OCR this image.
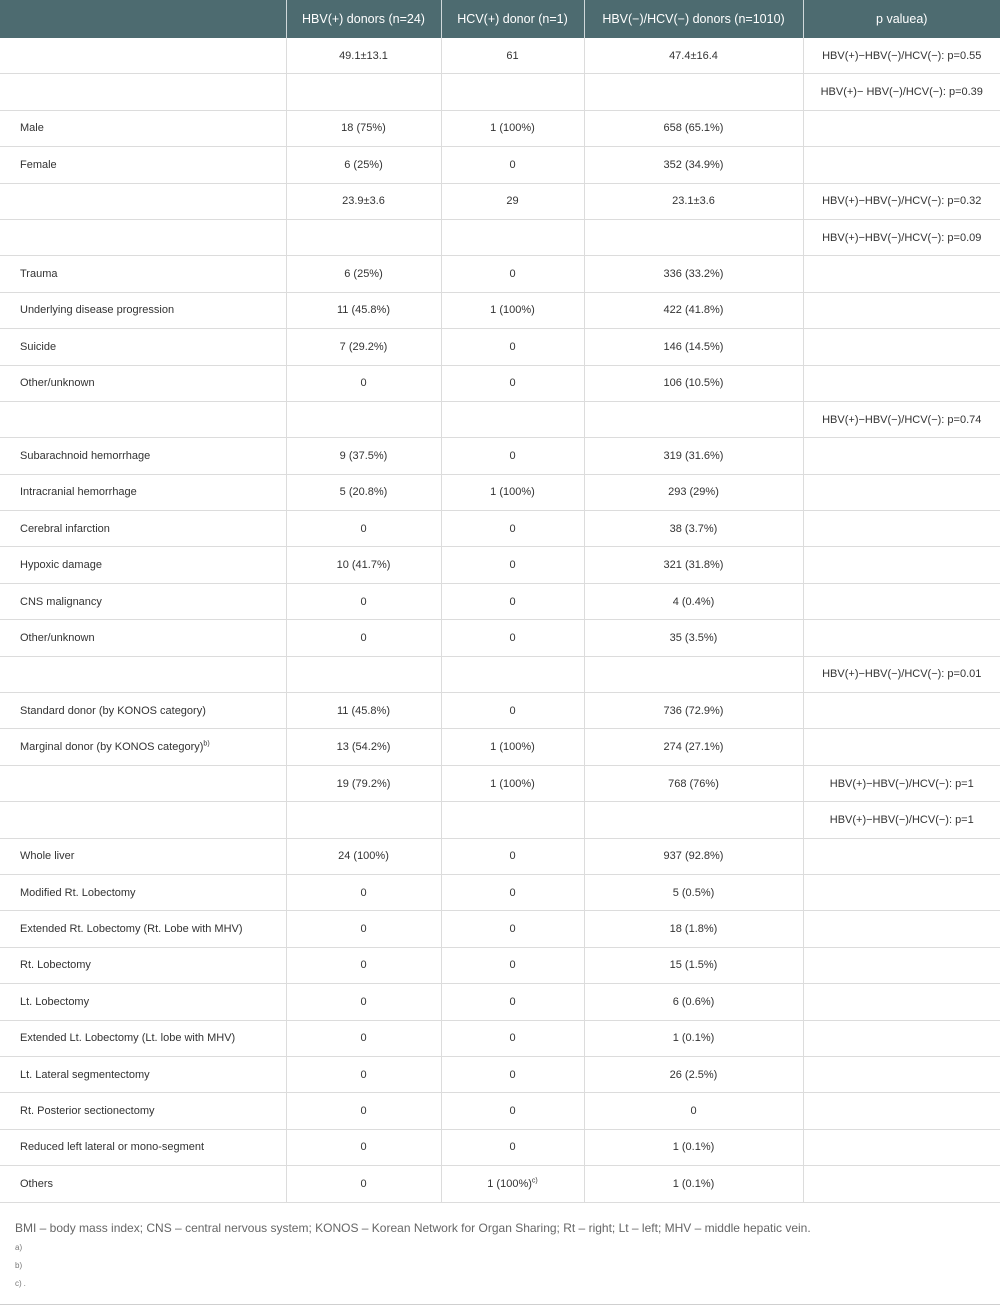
	HBV(+) donors (n=24)	HCV(+) donor (n=1)	HBV(−)/HCV(−) donors (n=1010)	p valuea)
	49.1±13.1	61	47.4±16.4	HBV(+)−HBV(−)/HCV(−): p=0.55
				HBV(+)− HBV(−)/HCV(−): p=0.39
Male	18 (75%)	1 (100%)	658 (65.1%)	
Female	6 (25%)	0	352 (34.9%)	
	23.9±3.6	29	23.1±3.6	HBV(+)−HBV(−)/HCV(−): p=0.32
				HBV(+)−HBV(−)/HCV(−): p=0.09
Trauma	6 (25%)	0	336 (33.2%)	
Underlying disease progression	11 (45.8%)	1 (100%)	422 (41.8%)	
Suicide	7 (29.2%)	0	146 (14.5%)	
Other/unknown	0	0	106 (10.5%)	
				HBV(+)−HBV(−)/HCV(−): p=0.74
Subarachnoid hemorrhage	9 (37.5%)	0	319 (31.6%)	
Intracranial hemorrhage	5 (20.8%)	1 (100%)	293 (29%)	
Cerebral infarction	0	0	38 (3.7%)	
Hypoxic damage	10 (41.7%)	0	321 (31.8%)	
CNS malignancy	0	0	4 (0.4%)	
Other/unknown	0	0	35 (3.5%)	
				HBV(+)−HBV(−)/HCV(−): p=0.01
Standard donor (by KONOS category)	11 (45.8%)	0	736 (72.9%)	
Marginal donor (by KONOS category)$^{b)}$	13 (54.2%)	1 (100%)	274 (27.1%)	
	19 (79.2%)	1 (100%)	768 (76%)	HBV(+)−HBV(−)/HCV(−): p=1
				HBV(+)−HBV(−)/HCV(−): p=1
Whole liver	24 (100%)	0	937 (92.8%)	
Modified Rt. Lobectomy	0	0	5 (0.5%)	
Extended Rt. Lobectomy (Rt. Lobe with MHV)	0	0	18 (1.8%)	
Rt. Lobectomy	0	0	15 (1.5%)	
Lt. Lobectomy	0	0	6 (0.6%)	
Extended Lt. Lobectomy (Lt. lobe with MHV)	0	0	1 (0.1%)	
Lt. Lateral segmentectomy	0	0	26 (2.5%)	
Rt. Posterior sectionectomy	0	0	0	
Reduced left lateral or mono-segment	0	0	1 (0.1%)	
Others	0	1 $(100\%)^{c)}$	1 (0.1%)	
BMI – body mass index; CNS – central nervous system; KONOS – Korean Network for Organ Sharing; Rt – right; Lt – left; MHV – middle hepatic vein.
a)
b)
c) .
